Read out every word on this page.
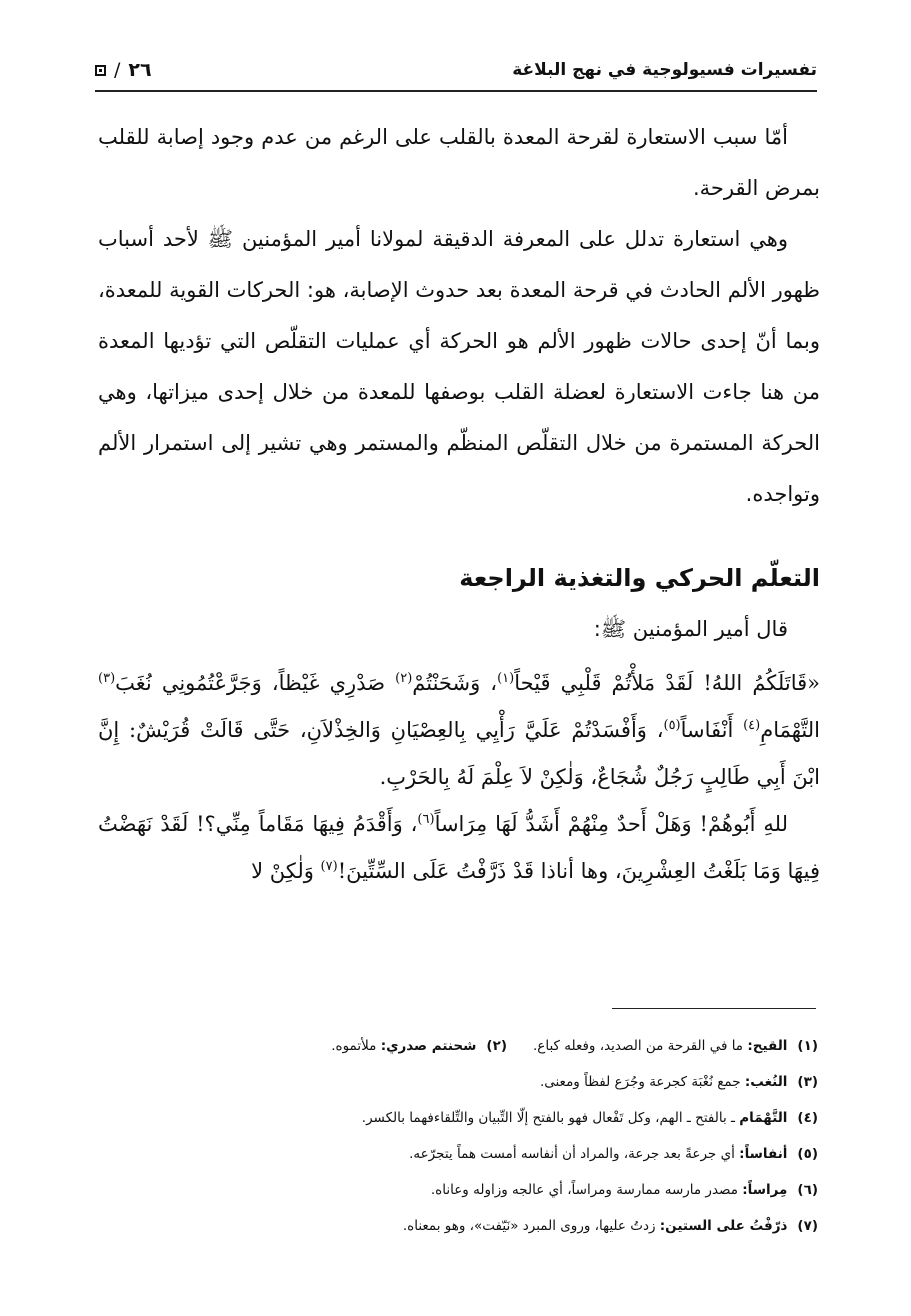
تفسيرات فسيولوجية في نهج البلاغة
٢٦
/

أمّا سبب الاستعارة لقرحة المعدة بالقلب على الرغم من عدم وجود إصابة للقلب بمرض القرحة.

وهي استعارة تدلل على المعرفة الدقيقة لمولانا أمير المؤمنين ﷺ لأحد أسباب ظهور الألم الحادث في قرحة المعدة بعد حدوث الإصابة، هو: الحركات القوية للمعدة، وبما أنّ إحدى حالات ظهور الألم هو الحركة أي عمليات التقلّص التي تؤديها المعدة من هنا جاءت الاستعارة لعضلة القلب بوصفها للمعدة من خلال إحدى ميزاتها، وهي الحركة المستمرة من خلال التقلّص المنظّم والمستمر وهي تشير إلى استمرار الألم وتواجده.

التعلّم الحركي والتغذية الراجعة
قال أمير المؤمنين ﷺ:

«قَاتَلَكُمُ اللهُ! لَقَدْ مَلأْتُمْ قَلْبِي قَيْحاً$^{(١)}$، وَشَحَنْتُمْ$^{(٢)}$ صَدْرِي غَيْظاً، وَجَرَّعْتُمُونِي نُغَبَ$^{(٣)}$ التَّهْمَامِ$^{(٤)}$ أَنْفَاساً$^{(٥)}$، وَأَفْسَدْتُمْ عَلَيَّ رَأْيِي بِالعِصْيَانِ وَالخِذْلاَنِ، حَتَّى قَالَتْ قُرَيْشٌ: إِنَّ ابْنَ أَبِي طَالِبٍ رَجُلٌ شُجَاعٌ، وَلٰكِنْ لاَ عِلْمَ لَهُ بِالحَرْبِ.

للهِ أَبُوهُمْ! وَهَلْ أَحدٌ مِنْهُمْ أَشَدُّ لَهَا مِرَاساً$^{(٦)}$، وَأَقْدَمُ فِيهَا مَقَاماً مِنِّي؟! لَقَدْ نَهَضْتُ فِيهَا وَمَا بَلَغْتُ العِشْرِينَ، وها أناذا قَدْ ذَرَّفْتُ عَلَى السِّتِّينَ!$^{(٧)}$ وَلٰكِنْ لا

(١)القيح: ما في القرحة من الصديد، وفعله كباع.(٢)شحنتم صدري: ملأتموه.
(٣)النُغب: جمع نُغْبَة كجرعة وجُرَع لفظاً ومعنى.
(٤)التَّهْمَام ـ بالفتح ـ الهم، وكل تَفْعال فهو بالفتح إلّا التِّبيان والتِّلقاءفهما بالكسر.
(٥)أنفاساً: أي جرعةً بعد جرعة، والمراد أن أنفاسه أمست هماً يتجرّعه.
(٦)مِراساً: مصدر مارسه ممارسة ومراساً، أي عالجه وزاوله وعاناه.
(٧)ذرّفْتُ على الستين: زدتُ عليها، وروى المبرد «نَيّفت»، وهو بمعناه.
